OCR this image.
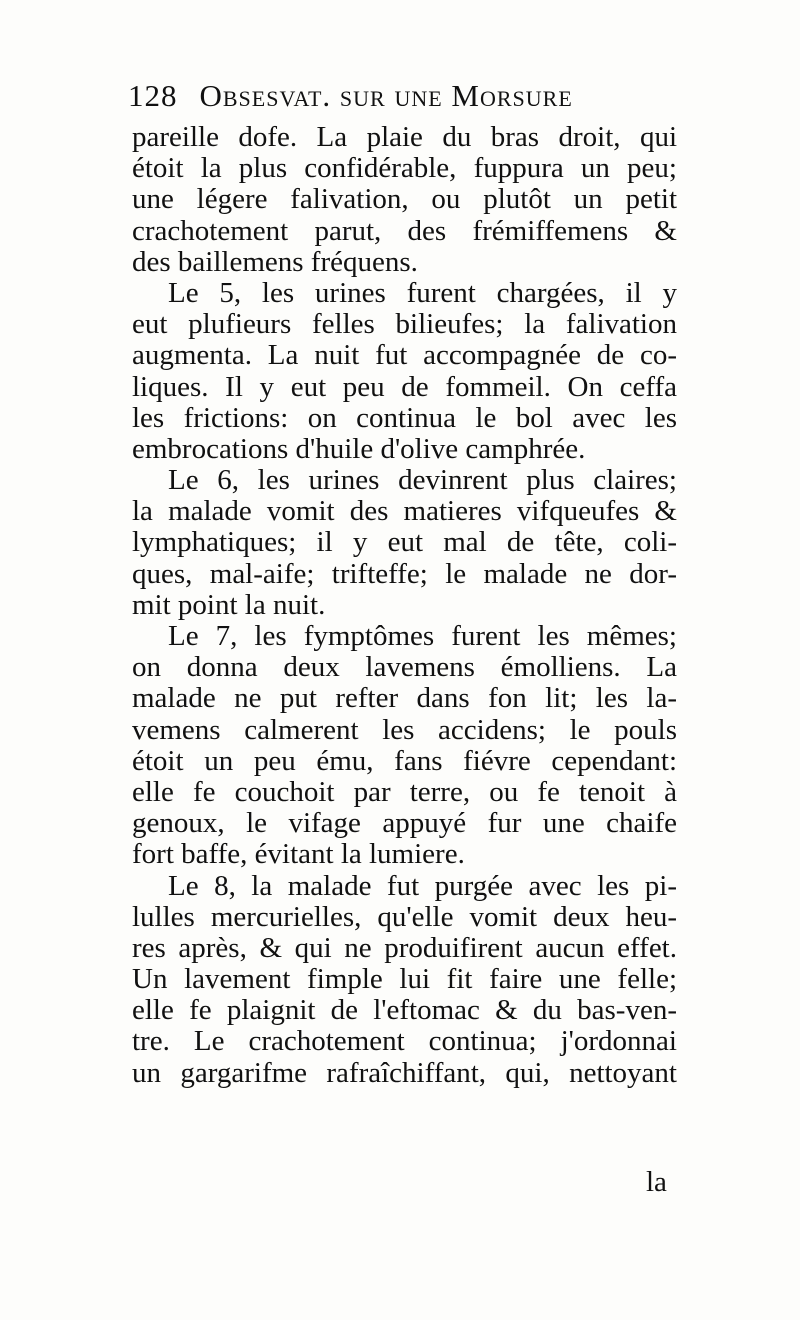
128 Obsesvat. sur une Morsure
pareille dofe. La plaie du bras droit, qui
étoit la plus confidérable, fuppura un peu;
une légere falivation, ou plutôt un petit
crachotement parut, des frémiffemens &
des baillemens fréquens.
Le 5, les urines furent chargées, il y
eut plufieurs felles bilieufes; la falivation
augmenta. La nuit fut accompagnée de co-
liques. Il y eut peu de fommeil. On ceffa
les frictions: on continua le bol avec les
embrocations d'huile d'olive camphrée.
Le 6, les urines devinrent plus claires;
la malade vomit des matieres vifqueufes &
lymphatiques; il y eut mal de tête, coli-
ques, mal-aife; trifteffe; le malade ne dor-
mit point la nuit.
Le 7, les fymptômes furent les mêmes;
on donna deux lavemens émolliens. La
malade ne put refter dans fon lit; les la-
vemens calmerent les accidens; le pouls
étoit un peu ému, fans fiévre cependant:
elle fe couchoit par terre, ou fe tenoit à
genoux, le vifage appuyé fur une chaife
fort baffe, évitant la lumiere.
Le 8, la malade fut purgée avec les pi-
lulles mercurielles, qu'elle vomit deux heu-
res après, & qui ne produifirent aucun effet.
Un lavement fimple lui fit faire une felle;
elle fe plaignit de l'eftomac & du bas-ven-
tre. Le crachotement continua; j'ordonnai
un gargarifme rafraîchiffant, qui, nettoyant
la
